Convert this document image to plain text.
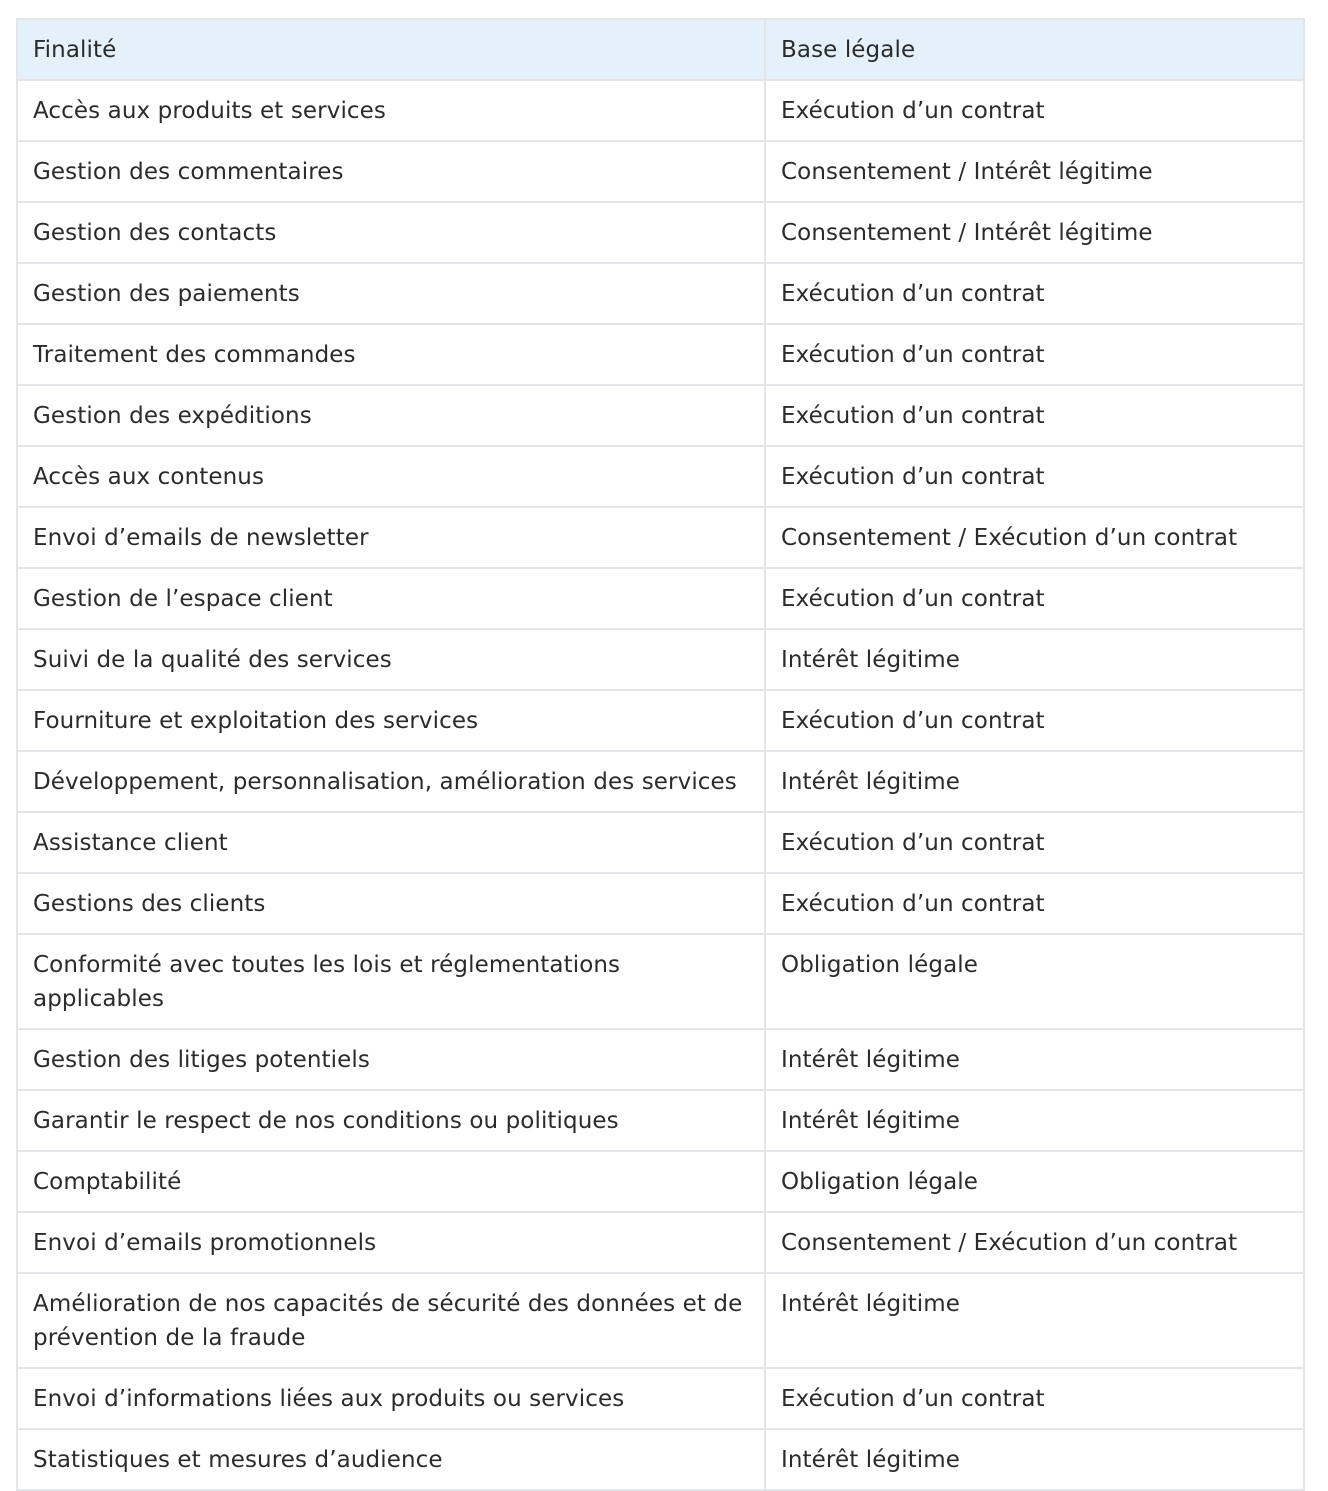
Finalité	Base légale
Accès aux produits et services	Exécution d’un contrat
Gestion des commentaires	Consentement / Intérêt légitime
Gestion des contacts	Consentement / Intérêt légitime
Gestion des paiements	Exécution d’un contrat
Traitement des commandes	Exécution d’un contrat
Gestion des expéditions	Exécution d’un contrat
Accès aux contenus	Exécution d’un contrat
Envoi d’emails de newsletter	Consentement / Exécution d’un contrat
Gestion de l’espace client	Exécution d’un contrat
Suivi de la qualité des services	Intérêt légitime
Fourniture et exploitation des services	Exécution d’un contrat
Développement, personnalisation, amélioration des services	Intérêt légitime
Assistance client	Exécution d’un contrat
Gestions des clients	Exécution d’un contrat
Conformité avec toutes les lois et réglementations applicables	Obligation légale
Gestion des litiges potentiels	Intérêt légitime
Garantir le respect de nos conditions ou politiques	Intérêt légitime
Comptabilité	Obligation légale
Envoi d’emails promotionnels	Consentement / Exécution d’un contrat
Amélioration de nos capacités de sécurité des données et de prévention de la fraude	Intérêt légitime
Envoi d’informations liées aux produits ou services	Exécution d’un contrat
Statistiques et mesures d’audience	Intérêt légitime
